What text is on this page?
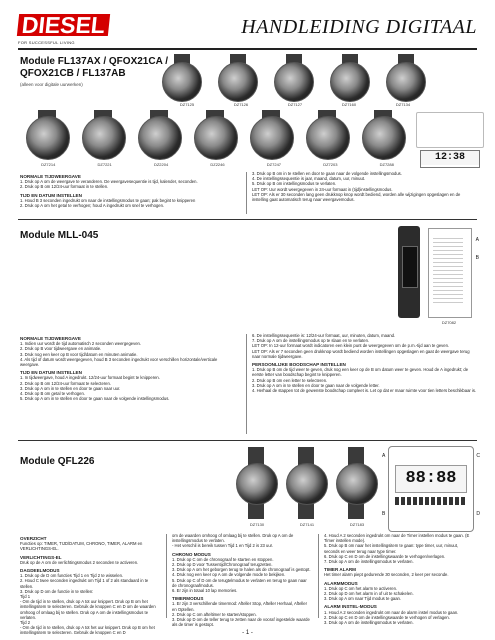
DIESEL
FOR SUCCESSFUL LIVING
HANDLEIDING DIGITAAL
Module FL137AX / QFOX21CA / QFOX21CB / FL137AB
(alleen voor digitale uurwerken)
DZ7125	DZ7126	DZ7127	DZ7160	DZ7134
12:38
DZ7214	DZ7221	DZ2204	DZ2246	DZ7247	DZ7203	DZ7288
NORMALE TIJDWEERGAVE
1. Druk op A om de weergave te veranderen. De weergavesequentie is tijd, kalender, seconden.
2. Druk op B om 12/24-uur formaat in te stellen.
TIJD EN DATUM INSTELLEN
1. Houd B 3 seconden ingedrukt om naar de instellingsmodus te gaan; pak begint te knipperen
2. Druk op A om het getal te verhogen; houd A ingedrukt om snel te verhogen.
3. Druk op B om in te stellen en door te gaan naar de volgende instellingsmodus.
4. De instellingssequentie is jaar, maand, datum, uur, minuut.
5. Druk op B om instellingsmodus te verlaten.
LET OP: Uur wordt weergegeven in 24-uur formaat in (tijd)instellingsmodus.
LET OP: Als er 30 seconden lang geen drukknop knop wordt bediend, worden alle wijzigingen opgeslagen en de instelling gaat automatisch terug naar weergavemodus.
Module MLL-045	A
B
DZ7082
NORMALE TIJDWEERGAVE
1. Indien uur wordt de tijd automatisch 2 seconden weergegeven.
2. Druk op B voor tijdweergave en animatie.
3. Druk nog een keer op B voor tijd/datum en minuten animatie.
4. Als tijd of datum wordt weergegeven, houd B 3 seconden ingedrukt voor verschillen horizontale/verticale weergave.
TIJD EN DATUM INSTELLEN
1. In tijdweergave, houd A ingedrukt. 12/24-uur formaat begint te knipperen.
2. Druk op B om 12/24-uur formaat te selecteren.
3. Druk op A om in te stellen en door te gaan naar uur.
4. Druk op B om getal te verhogen.
5. Druk op A om in te stellen en door te gaan naar de volgende instellingsmodus.
6. De instellingssequentie is: 12/24-uur formaat, uur, minuten, datum, maand.
7. Druk op A om de instellingsmodus op te slaan en te verlaten.
LET OP: In 12-uur formaat wordt indicatoren een klein punt de weergegeven om de p.m.-tijd aan te geven.
LET OP: Als er 7 seconden geen drukknop wordt bediend worden instellingen opgeslagen en gaat de weergave terug naar normale tijdweergave.
PERSOONLIJKE BOODSCHAP INSTELLEN
1. Druk op B om de tijd weer te geven, druk nog een keer op de B om datum weer te geven. Houd de A ingedrukt; de eerste letter van boodschap begint te knipperen.
2. Druk op B om een letter te selecteren.
3. Druk op A om in te stellen en door te gaan naar de volgende letter.
4. Herhaal de stappen tot de gewenste boodschap compleet is. Let op dat er maar ruimte voor tien letters beschikbaar is.
Module QFL226
DZ7130	DZ7141	DZ7183
88:88
A	C
B	D
OVERZICHT
Functies op: TIMER, TIJD/DATUM, CHRONO, TIMER, ALARM en VERLICHTINGS-EL.
VERLICHTINGS-EL
Druk op de A om de verlichtingsmodus 2 seconden te activeren.
DAGDEELMODUS
1. Druk op de D om functies Tijd 1 en Tijd 2 te wisselen.
2. Houd C twee seconden ingedrukt om Tijd 1 of 2 als standaard in te stellen.
3. Druk op D om de functie in te stellen:
Tijd 1
- Om de tijd in te stellen, druk op A tot uur knippert. Druk op B om het instellingsitem te selecteren. Gebruik de knoppen C en D om de waarden omhoog of omlaag bij te stellen. Druk op A om de instellingsmodus te verlaten.
Tijd 2
- Om de tijd in te stellen, druk op A tot het uur knippert. Druk op B om het instellingsitem te selecteren. Gebruik de knoppen C en D
om de waarden omhoog of omlaag bij te stellen. Druk op A om de instellingsmodus te verlaten.
- Het verschil is bereik tussen Tijd 1 en Tijd 2 is 23 uur.
CHRONO MODUS
1. Druk op C om de chronograaf te starten en stoppen.
2. Druk op D voor Tussentijd/Chronograaf terugzetten.
3. Druk op A om het geborgen terug te halen als de chronograaf is gestopt.
4. Druk nog een keer op A om de volgende mode te bekijken.
5. Druk op C of D om de terugtelmodus te verlaten en terug te gaan naar de chronograafmodus.
6. Er zijn in totaal 10 lap memories.
TIMERMODUS
1. Er zijn 3 verschillende timermod: Afteller Stop, Afteller Herhaal, Afteller en Optellen.
2. Druk op C om afteltimer te starten/stoppen.
3. Druk op D om de teller terug te zetten naar de vooraf ingestelde waarde als de timer is gestopt.
4. Houd A 2 seconden ingedrukt om naar de Timer instellen modus te gaan. (E Timer instellen mode).
5. Druk op B om naar het instellingsitem te gaan: type timer, uur, minuut, seconds en weer terug naar type timer.
6. Druk op C en D om de instellingswaarde te verhogen/verlagen.
7. Druk op A om de instellingsmodus te verlaten.
TIMER ALARM
Het timer alarm piept gedurende 30 seconden, 2 keer per seconde.
ALARMMODUS
1. Druk op C om het alarm te activeren.
2. Druk op D om het alarm in of uit te schakelen.
3. Druk op A om naar Tijd modus te gaan.
ALARM INSTEL-MODUS
1. Houd A 2 seconden ingedrukt om naar de alarm instel modus te gaan.
2. Druk op C en D om de instellingswaarde te verhogen of verlagen.
3. Druk op A om de instellingsmodus te verlaten.
- 1 -
